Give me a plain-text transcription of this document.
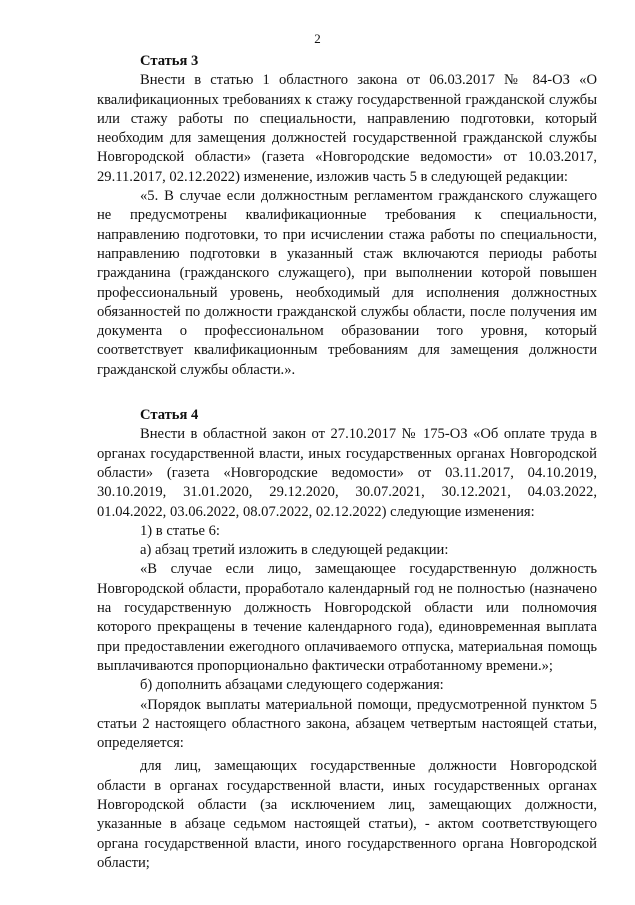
2

Статья 3

Внести в статью 1 областного закона от 06.03.2017 № 84-ОЗ «О квалификационных требованиях к стажу государственной гражданской службы или стажу работы по специальности, направлению подготовки, который необходим для замещения должностей государственной гражданской службы Новгородской области» (газета «Новгородские ведомости» от 10.03.2017, 29.11.2017, 02.12.2022) изменение, изложив часть 5 в следующей редакции:

«5. В случае если должностным регламентом гражданского служащего не предусмотрены квалификационные требования к специальности, направлению подготовки, то при исчислении стажа работы по специальности, направлению подготовки в указанный стаж включаются периоды работы гражданина (гражданского служащего), при выполнении которой повышен профессиональный уровень, необходимый для исполнения должностных обязанностей по должности гражданской службы области, после получения им документа о профессиональном образовании того уровня, который соответствует квалификационным требованиям для замещения должности гражданской службы области.».

Статья 4

Внести в областной закон от 27.10.2017 № 175-ОЗ «Об оплате труда в органах государственной власти, иных государственных органах Новгородской области» (газета «Новгородские ведомости» от 03.11.2017, 04.10.2019, 30.10.2019, 31.01.2020, 29.12.2020, 30.07.2021, 30.12.2021, 04.03.2022, 01.04.2022, 03.06.2022, 08.07.2022, 02.12.2022) следующие изменения:

1) в статье 6:

а) абзац третий изложить в следующей редакции:

«В случае если лицо, замещающее государственную должность Новгородской области, проработало календарный год не полностью (назначено на государственную должность Новгородской области или полномочия которого прекращены в течение календарного года), единовременная выплата при предоставлении ежегодного оплачиваемого отпуска, материальная помощь выплачиваются пропорционально фактически отработанному времени.»;

б) дополнить абзацами следующего содержания:

«Порядок выплаты материальной помощи, предусмотренной пунктом 5 статьи 2 настоящего областного закона, абзацем четвертым настоящей статьи, определяется:

для лиц, замещающих государственные должности Новгородской области в органах государственной власти, иных государственных органах Новгородской области (за исключением лиц, замещающих должности, указанные в абзаце седьмом настоящей статьи), - актом соответствующего органа государственной власти, иного государственного органа Новгородской области;
